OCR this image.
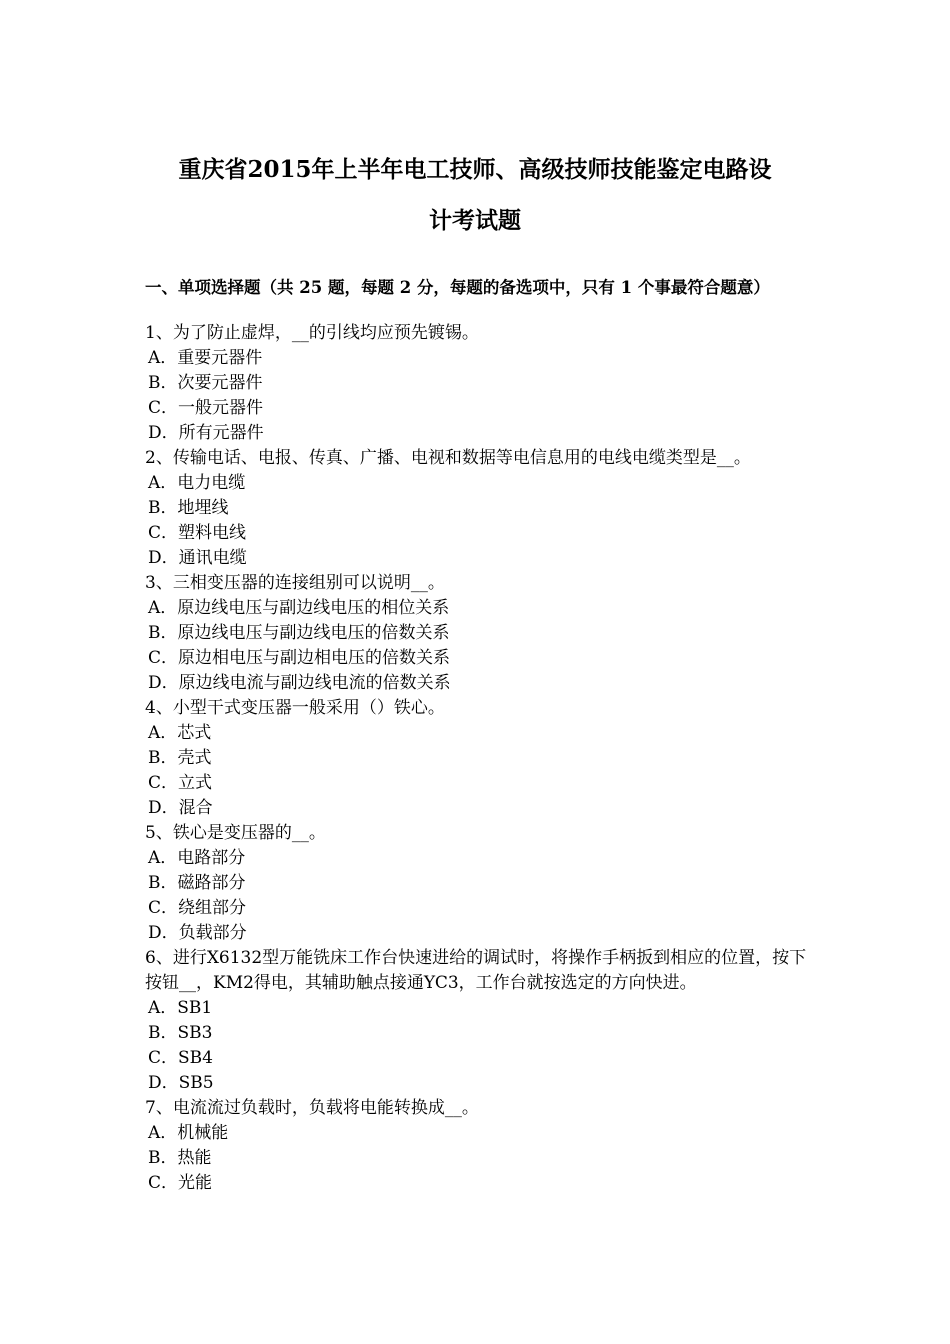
重庆省2015年上半年电工技师、高级技师技能鉴定电路设
计考试题
一、单项选择题（共 25 题，每题 2 分，每题的备选项中，只有 1 个事最符合题意）
1、为了防止虚焊，__的引线均应预先镀锡。
A．重要元器件
B．次要元器件
C．一般元器件
D．所有元器件
2、传输电话、电报、传真、广播、电视和数据等电信息用的电线电缆类型是__。
A．电力电缆
B．地埋线
C．塑料电线
D．通讯电缆
3、三相变压器的连接组别可以说明__。
A．原边线电压与副边线电压的相位关系
B．原边线电压与副边线电压的倍数关系
C．原边相电压与副边相电压的倍数关系
D．原边线电流与副边线电流的倍数关系
4、小型干式变压器一般采用（）铁心。
A．芯式
B．壳式
C．立式
D．混合
5、铁心是变压器的__。
A．电路部分
B．磁路部分
C．绕组部分
D．负载部分
6、进行X6132型万能铣床工作台快速进给的调试时，将操作手柄扳到相应的位置，按下按钮__，KM2得电，其辅助触点接通YC3，工作台就按选定的方向快进。
A．SB1
B．SB3
C．SB4
D．SB5
7、电流流过负载时，负载将电能转换成__。
A．机械能
B．热能
C．光能
